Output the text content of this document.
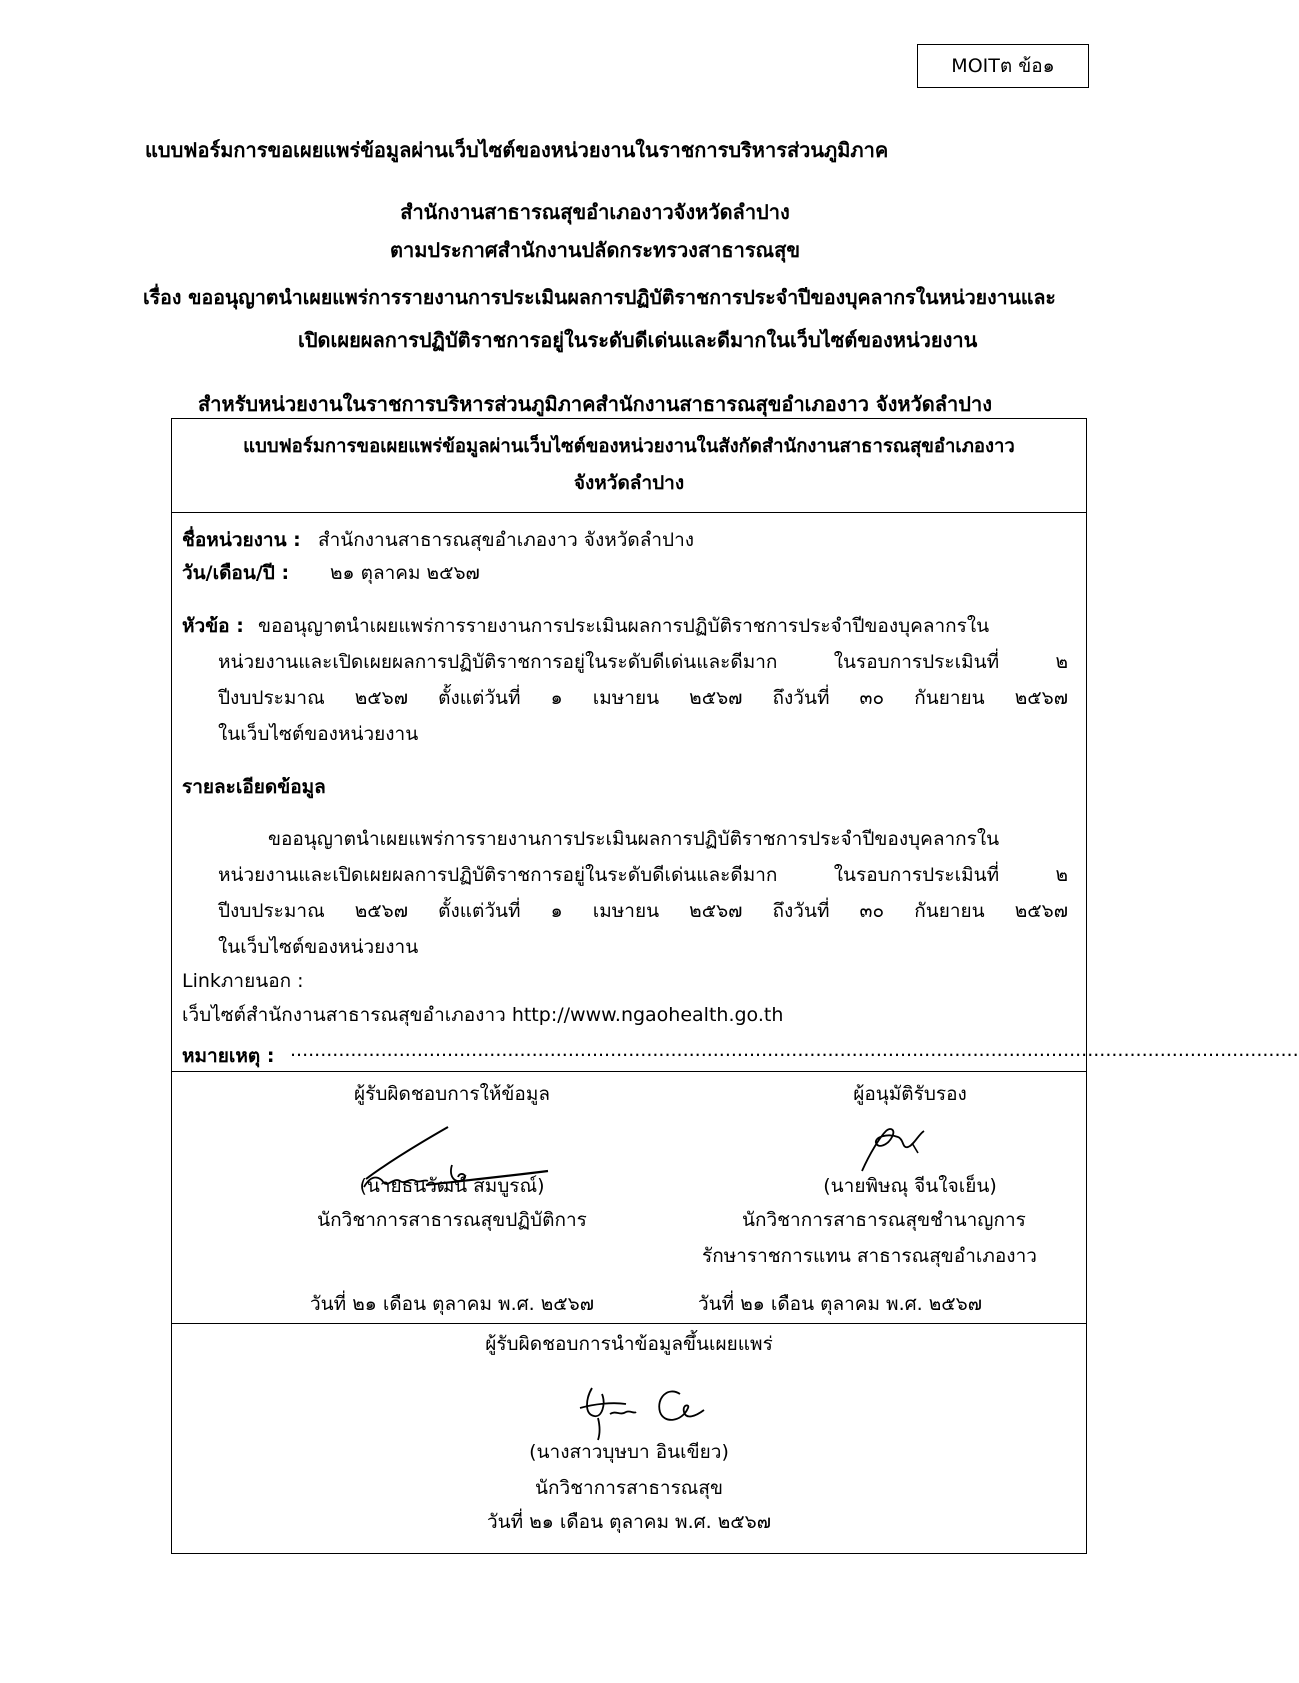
MOITต ข้อ๑
แบบฟอร์มการขอเผยแพร่ข้อมูลผ่านเว็บไซต์ของหน่วยงานในราชการบริหารส่วนภูมิภาค
สำนักงานสาธารณสุขอำเภองาวจังหวัดลำปาง
ตามประกาศสำนักงานปลัดกระทรวงสาธารณสุข
เรื่อง ขออนุญาตนำเผยแพร่การรายงานการประเมินผลการปฏิบัติราชการประจำปีของบุคลากรในหน่วยงานและ
เปิดเผยผลการปฏิบัติราชการอยู่ในระดับดีเด่นและดีมากในเว็บไซต์ของหน่วยงาน
สำหรับหน่วยงานในราชการบริหารส่วนภูมิภาคสำนักงานสาธารณสุขอำเภองาว จังหวัดลำปาง
แบบฟอร์มการขอเผยแพร่ข้อมูลผ่านเว็บไซต์ของหน่วยงานในสังกัดสำนักงานสาธารณสุขอำเภองาว
จังหวัดลำปาง
ชื่อหน่วยงาน : สำนักงานสาธารณสุขอำเภองาว จังหวัดลำปาง
วัน/เดือน/ปี : ๒๑ ตุลาคม ๒๕๖๗
หัวข้อ : ขออนุญาตนำเผยแพร่การรายงานการประเมินผลการปฏิบัติราชการประจำปีของบุคลากรใน
หน่วยงานและเปิดเผยผลการปฏิบัติราชการอยู่ในระดับดีเด่นและดีมาก ในรอบการประเมินที่ ๒
ปีงบประมาณ ๒๕๖๗ ตั้งแต่วันที่ ๑ เมษายน ๒๕๖๗ ถึงวันที่ ๓๐ กันยายน ๒๕๖๗
ในเว็บไซต์ของหน่วยงาน
รายละเอียดข้อมูล
ขออนุญาตนำเผยแพร่การรายงานการประเมินผลการปฏิบัติราชการประจำปีของบุคลากรใน
หน่วยงานและเปิดเผยผลการปฏิบัติราชการอยู่ในระดับดีเด่นและดีมาก ในรอบการประเมินที่ ๒
ปีงบประมาณ ๒๕๖๗ ตั้งแต่วันที่ ๑ เมษายน ๒๕๖๗ ถึงวันที่ ๓๐ กันยายน ๒๕๖๗
ในเว็บไซต์ของหน่วยงาน
Linkภายนอก :
เว็บไซต์สำนักงานสาธารณสุขอำเภองาว http://www.ngaohealth.go.th
หมายเหตุ : .......................................................................................................................................................................
ผู้รับผิดชอบการให้ข้อมูล
(นายธนวัฒน์ สมบูรณ์)
นักวิชาการสาธารณสุขปฏิบัติการ
วันที่ ๒๑ เดือน ตุลาคม พ.ศ. ๒๕๖๗
ผู้อนุมัติรับรอง
(นายพิษณุ จีนใจเย็น)
นักวิชาการสาธารณสุขชำนาญการ
รักษาราชการแทน สาธารณสุขอำเภองาว
วันที่ ๒๑ เดือน ตุลาคม พ.ศ. ๒๕๖๗
ผู้รับผิดชอบการนำข้อมูลขึ้นเผยแพร่
(นางสาวบุษบา อินเขียว)
นักวิชาการสาธารณสุข
วันที่ ๒๑ เดือน ตุลาคม พ.ศ. ๒๕๖๗
